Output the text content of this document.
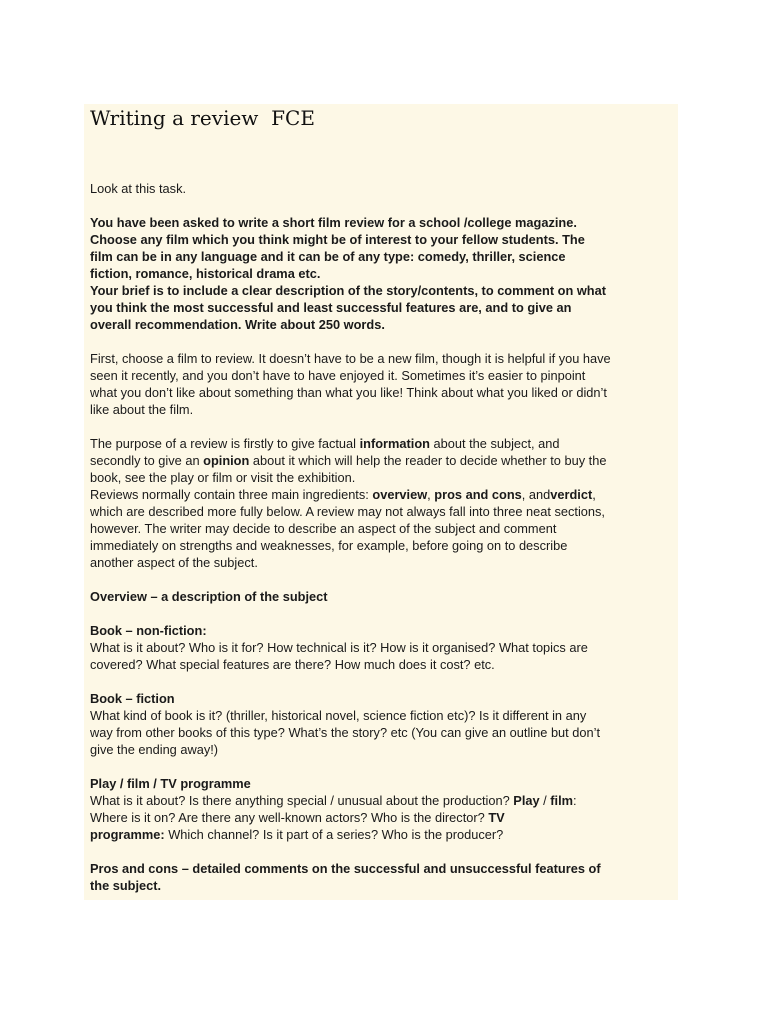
Writing a review  FCE

Look at this task.

You have been asked to write a short film review for a school /college magazine.
Choose any film which you think might be of interest to your fellow students. The
film can be in any language and it can be of any type: comedy, thriller, science
fiction, romance, historical drama etc.
Your brief is to include a clear description of the story/contents, to comment on what
you think the most successful and least successful features are, and to give an
overall recommendation. Write about 250 words.

First, choose a film to review. It doesn’t have to be a new film, though it is helpful if you have
seen it recently, and you don’t have to have enjoyed it. Sometimes it’s easier to pinpoint
what you don’t like about something than what you like! Think about what you liked or didn’t
like about the film.

The purpose of a review is firstly to give factual information about the subject, and
secondly to give an opinion about it which will help the reader to decide whether to buy the
book, see the play or film or visit the exhibition.
Reviews normally contain three main ingredients: overview, pros and cons, andverdict,
which are described more fully below. A review may not always fall into three neat sections,
however. The writer may decide to describe an aspect of the subject and comment
immediately on strengths and weaknesses, for example, before going on to describe
another aspect of the subject.

Overview – a description of the subject

Book – non-fiction:
What is it about? Who is it for? How technical is it? How is it organised? What topics are
covered? What special features are there? How much does it cost? etc.

Book – fiction
What kind of book is it? (thriller, historical novel, science fiction etc)? Is it different in any
way from other books of this type? What’s the story? etc (You can give an outline but don’t
give the ending away!)

Play / film / TV programme
What is it about? Is there anything special / unusual about the production? Play / film:
Where is it on? Are there any well-known actors? Who is the director? TV
programme: Which channel? Is it part of a series? Who is the producer?

Pros and cons – detailed comments on the successful and unsuccessful features of
the subject.
